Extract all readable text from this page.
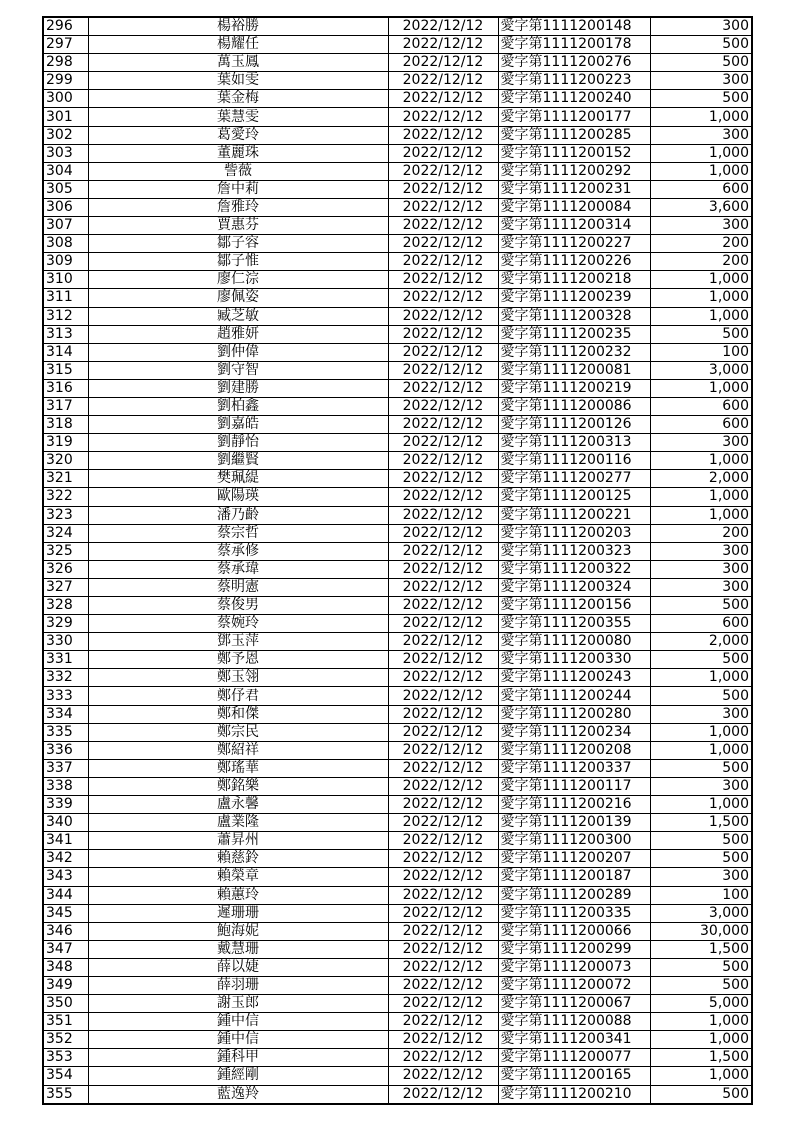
296	楊裕勝	2022/12/12	愛字第1111200148	300
297	楊耀任	2022/12/12	愛字第1111200178	500
298	萬玉鳳	2022/12/12	愛字第1111200276	500
299	葉如雯	2022/12/12	愛字第1111200223	300
300	葉金梅	2022/12/12	愛字第1111200240	500
301	葉慧雯	2022/12/12	愛字第1111200177	1,000
302	葛愛玲	2022/12/12	愛字第1111200285	300
303	董麗珠	2022/12/12	愛字第1111200152	1,000
304	訾薇	2022/12/12	愛字第1111200292	1,000
305	詹中莉	2022/12/12	愛字第1111200231	600
306	詹雅玲	2022/12/12	愛字第1111200084	3,600
307	賈惠芬	2022/12/12	愛字第1111200314	300
308	鄒子容	2022/12/12	愛字第1111200227	200
309	鄒子惟	2022/12/12	愛字第1111200226	200
310	廖仁淙	2022/12/12	愛字第1111200218	1,000
311	廖佩姿	2022/12/12	愛字第1111200239	1,000
312	臧芝敏	2022/12/12	愛字第1111200328	1,000
313	趙雅妍	2022/12/12	愛字第1111200235	500
314	劉仲偉	2022/12/12	愛字第1111200232	100
315	劉守智	2022/12/12	愛字第1111200081	3,000
316	劉建勝	2022/12/12	愛字第1111200219	1,000
317	劉柏鑫	2022/12/12	愛字第1111200086	600
318	劉嘉皓	2022/12/12	愛字第1111200126	600
319	劉靜怡	2022/12/12	愛字第1111200313	300
320	劉繼賢	2022/12/12	愛字第1111200116	1,000
321	樊珮緹	2022/12/12	愛字第1111200277	2,000
322	歐陽瑛	2022/12/12	愛字第1111200125	1,000
323	潘乃齡	2022/12/12	愛字第1111200221	1,000
324	蔡宗哲	2022/12/12	愛字第1111200203	200
325	蔡承修	2022/12/12	愛字第1111200323	300
326	蔡承瑋	2022/12/12	愛字第1111200322	300
327	蔡明憲	2022/12/12	愛字第1111200324	300
328	蔡俊男	2022/12/12	愛字第1111200156	500
329	蔡婉玲	2022/12/12	愛字第1111200355	600
330	鄧玉萍	2022/12/12	愛字第1111200080	2,000
331	鄭予恩	2022/12/12	愛字第1111200330	500
332	鄭玉翎	2022/12/12	愛字第1111200243	1,000
333	鄭伃君	2022/12/12	愛字第1111200244	500
334	鄭和傑	2022/12/12	愛字第1111200280	300
335	鄭宗民	2022/12/12	愛字第1111200234	1,000
336	鄭紹祥	2022/12/12	愛字第1111200208	1,000
337	鄭瑤華	2022/12/12	愛字第1111200337	500
338	鄭銘樂	2022/12/12	愛字第1111200117	300
339	盧永馨	2022/12/12	愛字第1111200216	1,000
340	盧業隆	2022/12/12	愛字第1111200139	1,500
341	蕭昇州	2022/12/12	愛字第1111200300	500
342	賴慈鈴	2022/12/12	愛字第1111200207	500
343	賴榮章	2022/12/12	愛字第1111200187	300
344	賴蕙玲	2022/12/12	愛字第1111200289	100
345	遲珊珊	2022/12/12	愛字第1111200335	3,000
346	鮑海妮	2022/12/12	愛字第1111200066	30,000
347	戴慧珊	2022/12/12	愛字第1111200299	1,500
348	薛以婕	2022/12/12	愛字第1111200073	500
349	薛羽珊	2022/12/12	愛字第1111200072	500
350	謝玉郎	2022/12/12	愛字第1111200067	5,000
351	鍾中信	2022/12/12	愛字第1111200088	1,000
352	鍾中信	2022/12/12	愛字第1111200341	1,000
353	鍾科甲	2022/12/12	愛字第1111200077	1,500
354	鍾經剛	2022/12/12	愛字第1111200165	1,000
355	藍逸羚	2022/12/12	愛字第1111200210	500
